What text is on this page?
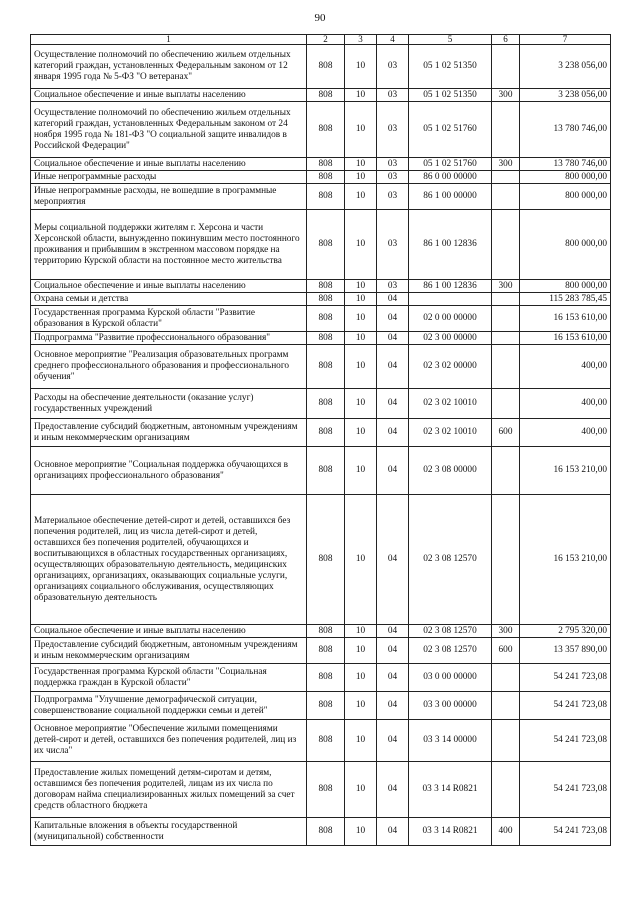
90
1	2	3	4	5	6	7
Осуществление полномочий по обеспечению жильем отдельных категорий граждан, установленных Федеральным законом от 12 января 1995 года № 5-ФЗ "О ветеранах"	808	10	03	05 1 02 51350		3 238 056,00
Социальное обеспечение и иные выплаты населению	808	10	03	05 1 02 51350	300	3 238 056,00
Осуществление полномочий по обеспечению жильем отдельных категорий граждан, установленных Федеральным законом от 24 ноября 1995 года № 181-ФЗ "О социальной защите инвалидов в Российской Федерации"	808	10	03	05 1 02 51760		13 780 746,00
Социальное обеспечение и иные выплаты населению	808	10	03	05 1 02 51760	300	13 780 746,00
Иные непрограммные расходы	808	10	03	86 0 00 00000		800 000,00
Иные непрограммные расходы, не вошедшие в программные мероприятия	808	10	03	86 1 00 00000		800 000,00
Меры социальной поддержки жителям г. Херсона и части Херсонской области, вынужденно покинувшим место постоянного проживания и прибывшим в экстренном массовом порядке на территорию Курской области на постоянное место жительства	808	10	03	86 1 00 12836		800 000,00
Социальное обеспечение и иные выплаты населению	808	10	03	86 1 00 12836	300	800 000,00
Охрана семьи и детства	808	10	04			115 283 785,45
Государственная программа Курской области "Развитие образования в Курской области"	808	10	04	02 0 00 00000		16 153 610,00
Подпрограмма "Развитие профессионального образования"	808	10	04	02 3 00 00000		16 153 610,00
Основное мероприятие "Реализация образовательных программ среднего профессионального образования и профессионального обучения"	808	10	04	02 3 02 00000		400,00
Расходы на обеспечение деятельности (оказание услуг) государственных учреждений	808	10	04	02 3 02 10010		400,00
Предоставление субсидий бюджетным, автономным учреждениям и иным некоммерческим организациям	808	10	04	02 3 02 10010	600	400,00
Основное мероприятие "Социальная поддержка обучающихся в организациях профессионального образования"	808	10	04	02 3 08 00000		16 153 210,00
Материальное обеспечение детей-сирот и детей, оставшихся без попечения родителей, лиц из числа детей-сирот и детей, оставшихся без попечения родителей, обучающихся и воспитывающихся в областных государственных организациях, осуществляющих образовательную деятельность, медицинских организациях, организациях, оказывающих социальные услуги, организациях социального обслуживания, осуществляющих образовательную деятельность	808	10	04	02 3 08 12570		16 153 210,00
Социальное обеспечение и иные выплаты населению	808	10	04	02 3 08 12570	300	2 795 320,00
Предоставление субсидий бюджетным, автономным учреждениям и иным некоммерческим организациям	808	10	04	02 3 08 12570	600	13 357 890,00
Государственная программа Курской области "Социальная поддержка граждан в Курской области"	808	10	04	03 0 00 00000		54 241 723,08
Подпрограмма "Улучшение демографической ситуации, совершенствование социальной поддержки семьи и детей"	808	10	04	03 3 00 00000		54 241 723,08
Основное мероприятие "Обеспечение жилыми помещениями детей-сирот и детей, оставшихся без попечения родителей, лиц из их числа"	808	10	04	03 3 14 00000		54 241 723,08
Предоставление жилых помещений детям-сиротам и детям, оставшимся без попечения родителей, лицам из их числа по договорам найма специализированных жилых помещений за счет средств областного бюджета	808	10	04	03 3 14 R0821		54 241 723,08
Капитальные вложения в объекты государственной (муниципальной) собственности	808	10	04	03 3 14 R0821	400	54 241 723,08
